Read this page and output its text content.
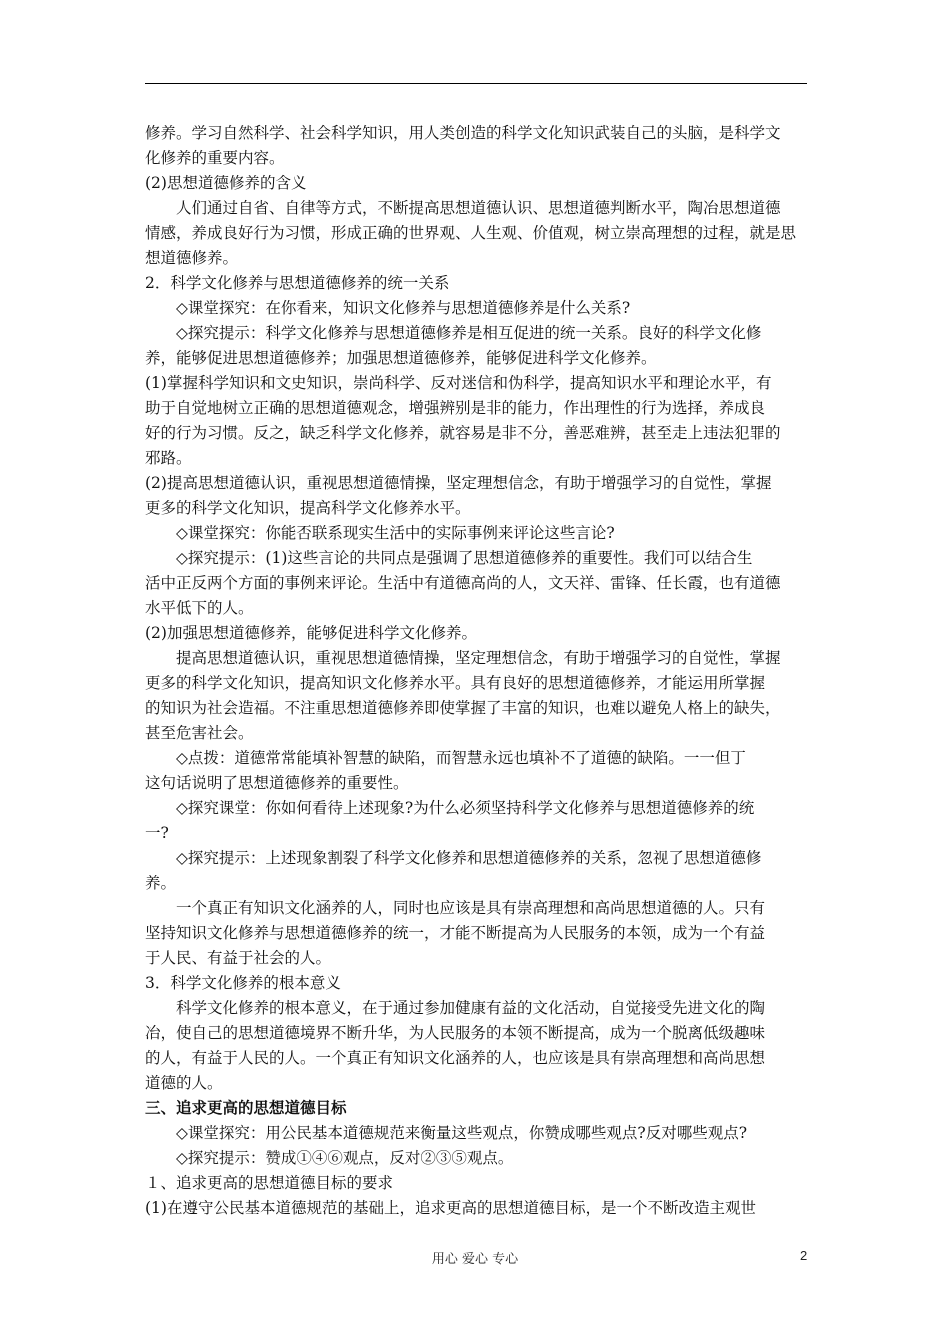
修养。学习自然科学、社会科学知识，用人类创造的科学文化知识武装自己的头脑，是科学文
化修养的重要内容。
(2)思想道德修养的含义
人们通过自省、自律等方式，不断提高思想道德认识、思想道德判断水平，陶冶思想道德
情感，养成良好行为习惯，形成正确的世界观、人生观、价值观，树立崇高理想的过程，就是思
想道德修养。
2．科学文化修养与思想道德修养的统一关系
◇课堂探究：在你看来，知识文化修养与思想道德修养是什么关系?
◇探究提示：科学文化修养与思想道德修养是相互促进的统一关系。良好的科学文化修
养，能够促进思想道德修养；加强思想道德修养，能够促进科学文化修养。
(1)掌握科学知识和文史知识，崇尚科学、反对迷信和伪科学，提高知识水平和理论水平，有
助于自觉地树立正确的思想道德观念，增强辨别是非的能力，作出理性的行为选择，养成良
好的行为习惯。反之，缺乏科学文化修养，就容易是非不分，善恶难辨，甚至走上违法犯罪的
邪路。
(2)提高思想道德认识，重视思想道德情操，坚定理想信念，有助于增强学习的自觉性，掌握
更多的科学文化知识，提高科学文化修养水平。
◇课堂探究：你能否联系现实生活中的实际事例来评论这些言论?
◇探究提示：(1)这些言论的共同点是强调了思想道德修养的重要性。我们可以结合生
活中正反两个方面的事例来评论。生活中有道德高尚的人，文天祥、雷锋、任长霞，也有道德
水平低下的人。
(2)加强思想道德修养，能够促进科学文化修养。
提高思想道德认识，重视思想道德情操，坚定理想信念，有助于增强学习的自觉性，掌握
更多的科学文化知识，提高知识文化修养水平。具有良好的思想道德修养，才能运用所掌握
的知识为社会造福。不注重思想道德修养即使掌握了丰富的知识，也难以避免人格上的缺失，
甚至危害社会。
◇点拨：道德常常能填补智慧的缺陷，而智慧永远也填补不了道德的缺陷。一一但丁
这句话说明了思想道德修养的重要性。
◇探究课堂：你如何看待上述现象?为什么必须坚持科学文化修养与思想道德修养的统
一?
◇探究提示：上述现象割裂了科学文化修养和思想道德修养的关系，忽视了思想道德修
养。
一个真正有知识文化涵养的人，同时也应该是具有崇高理想和高尚思想道德的人。只有
坚持知识文化修养与思想道德修养的统一，才能不断提高为人民服务的本领，成为一个有益
于人民、有益于社会的人。
3．科学文化修养的根本意义
科学文化修养的根本意义，在于通过参加健康有益的文化活动，自觉接受先进文化的陶
冶，使自己的思想道德境界不断升华，为人民服务的本领不断提高，成为一个脱离低级趣味
的人，有益于人民的人。一个真正有知识文化涵养的人，也应该是具有崇高理想和高尚思想
道德的人。
三、追求更高的思想道德目标
◇课堂探究：用公民基本道德规范来衡量这些观点，你赞成哪些观点?反对哪些观点?
◇探究提示：赞成①④⑥观点，反对②③⑤观点。
１、追求更高的思想道德目标的要求
(1)在遵守公民基本道德规范的基础上，追求更高的思想道德目标，是一个不断改造主观世
用心 爱心 专心	2
